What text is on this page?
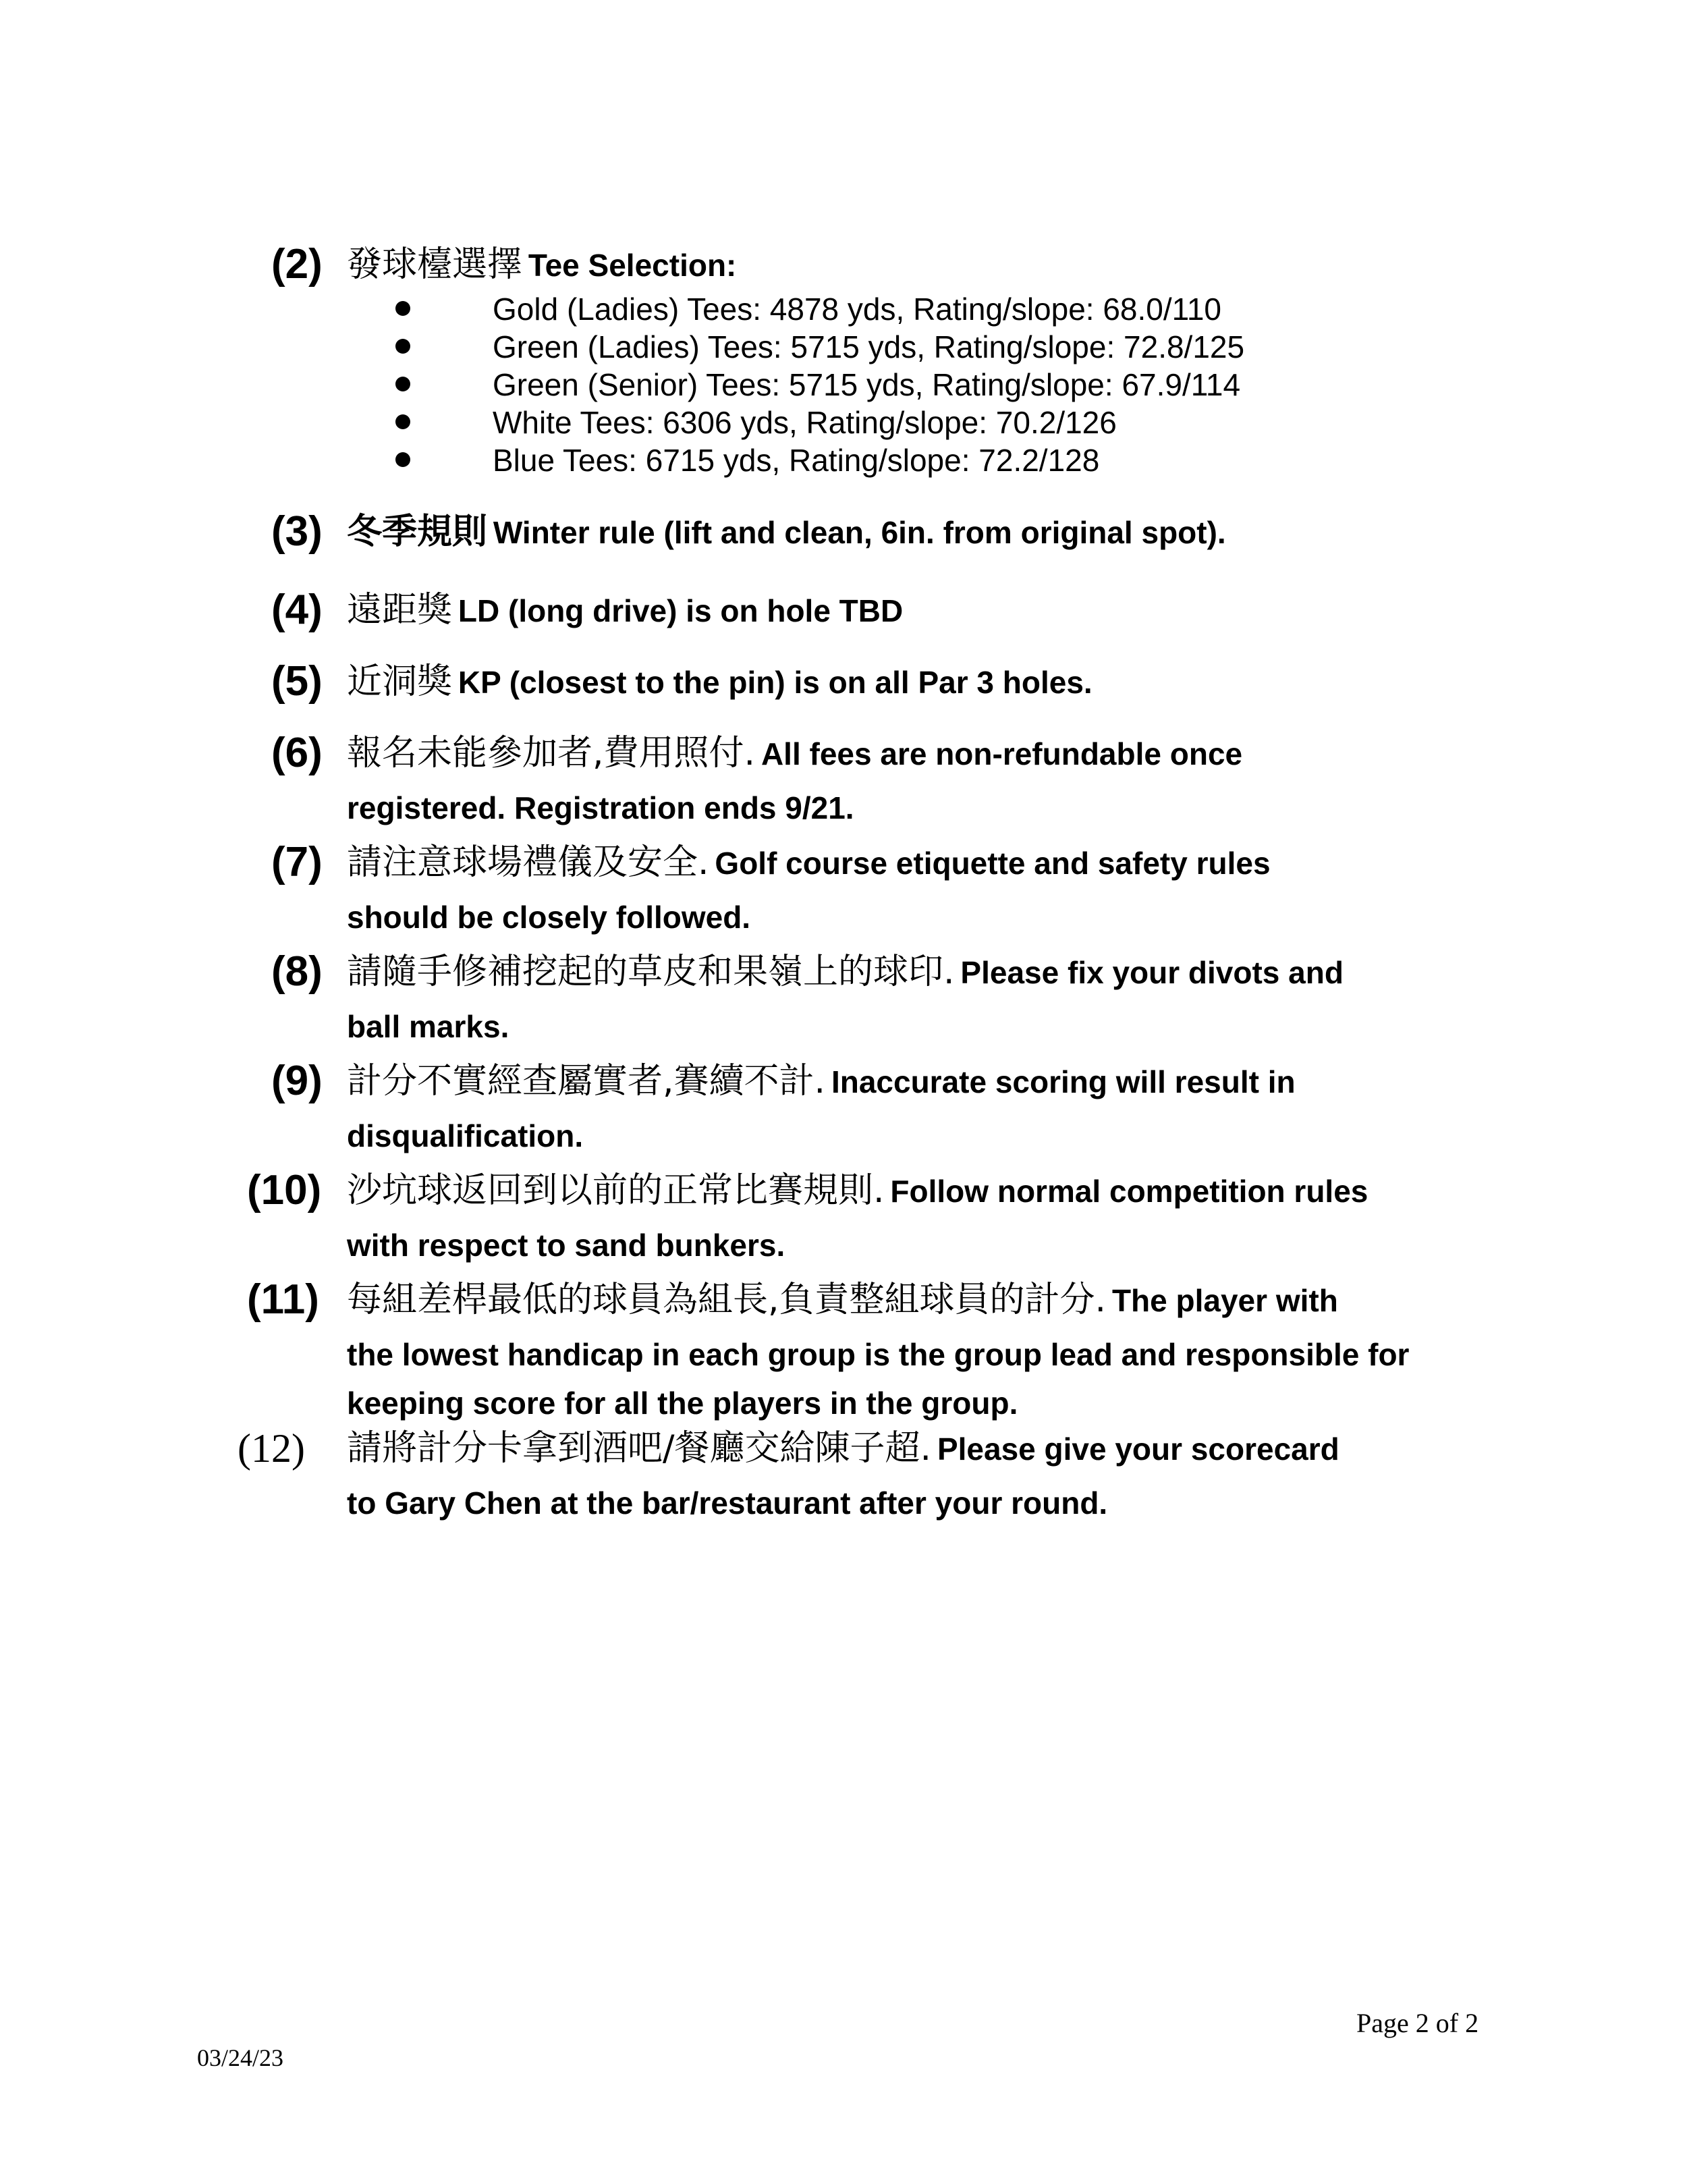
(2) 發球檯選擇 Tee Selection:
Gold (Ladies) Tees: 4878 yds, Rating/slope: 68.0/110
Green (Ladies) Tees: 5715 yds, Rating/slope: 72.8/125
Green (Senior) Tees: 5715 yds, Rating/slope: 67.9/114
White Tees: 6306 yds, Rating/slope: 70.2/126
Blue Tees: 6715 yds, Rating/slope: 72.2/128
(3) 冬季規則 Winter rule (lift and clean, 6in. from original spot).
(4) 遠距獎 LD (long drive) is on hole TBD
(5) 近洞獎 KP (closest to the pin) is on all Par 3 holes.
(6) 報名未能參加者,費用照付. All fees are non-refundable once
registered. Registration ends 9/21.
(7) 請注意球場禮儀及安全. Golf course etiquette and safety rules
should be closely followed.
(8) 請隨手修補挖起的草皮和果嶺上的球印. Please fix your divots and
ball marks.
(9) 計分不實經查屬實者,賽續不計. Inaccurate scoring will result in
disqualification.
(10) 沙坑球返回到以前的正常比賽規則. Follow normal competition rules
with respect to sand bunkers.
(11) 每組差桿最低的球員為組長,負責整組球員的計分. The player with
the lowest handicap in each group is the group lead and responsible for
keeping score for all the players in the group.
(12) 請將計分卡拿到酒吧/餐廳交給陳子超. Please give your scorecard
to Gary Chen at the bar/restaurant after your round.
Page 2 of 2
03/24/23
